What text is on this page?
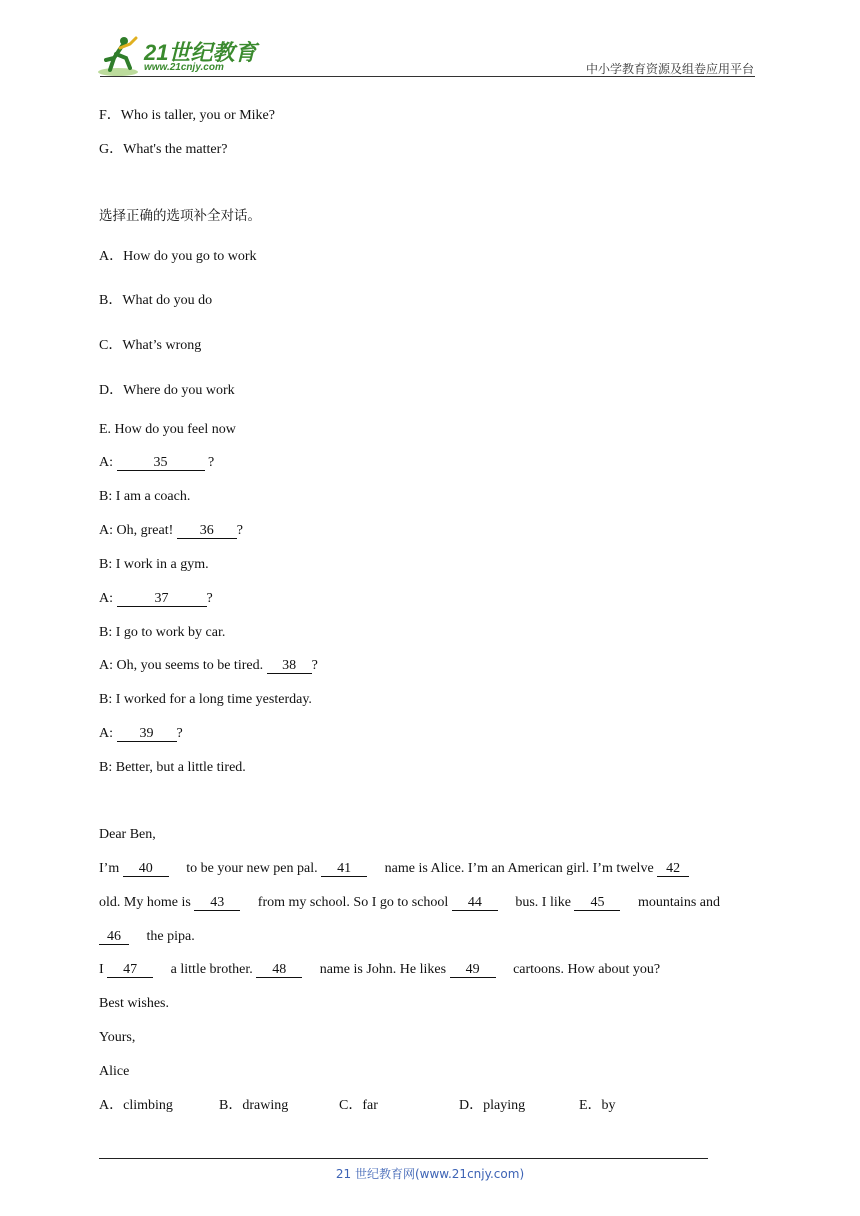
21世纪教育
www.21cnjy.com	中小学教育资源及组卷应用平台
F．Who is taller, you or Mike?
G．What's the matter?
选择正确的选项补全对话。
A．How do you go to work
B．What do you do
C．What’s wrong
D．Where do you work
E. How do you feel now
A:	35	?
B: I am a coach.
A: Oh, great! 36 ?
B: I work in a gym.
A:	37	?
B: I go to work by car.
A: Oh, you seems to be tired. 38 ?
B: I worked for a long time yesterday.
A: 39 ?
B: Better, but a little tired.
Dear Ben,
I’m 40 to be your new pen pal. 41 name is Alice. I’m an American girl. I’m twelve 42
old. My home is 43 from my school. So I go to school 44 bus. I like 45 mountains and
46 the pipa.
I 47 a little brother. 48 name is John. He likes 49 cartoons. How about you?
Best wishes.
Yours,
Alice
A．climbing	B．drawing	C．far	D．playing	E．by
21 世纪教育网(www.21cnjy.com)
